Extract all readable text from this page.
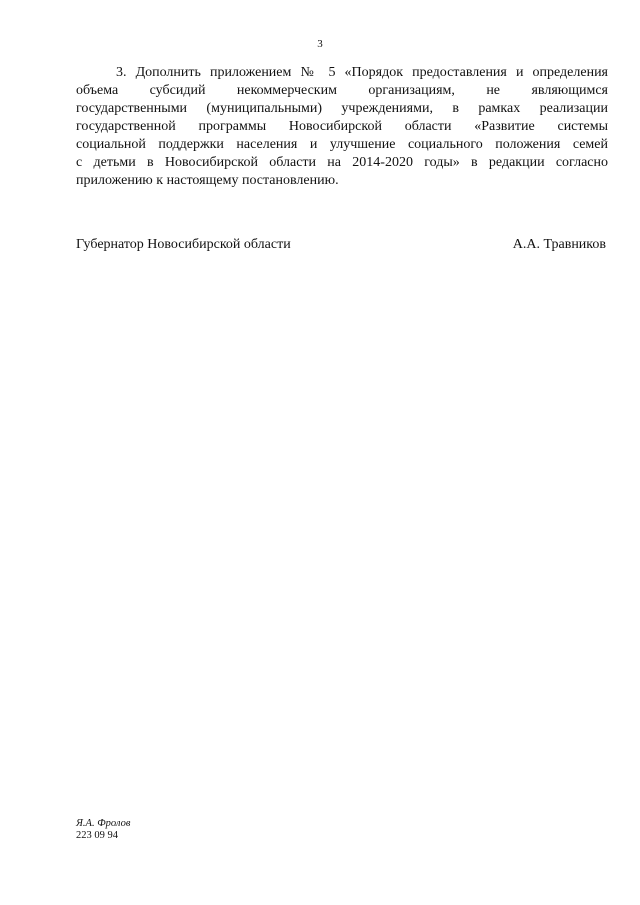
3
3. Дополнить приложением № 5 «Порядок предоставления и определения
объема субсидий некоммерческим организациям, не являющимся
государственными (муниципальными) учреждениями, в рамках реализации
государственной программы Новосибирской области «Развитие системы
социальной поддержки населения и улучшение социального положения семей
с детьми в Новосибирской области на 2014-2020 годы» в редакции согласно
приложению к настоящему постановлению.
Губернатор Новосибирской области	А.А. Травников
Я.А. Фролов
223 09 94
